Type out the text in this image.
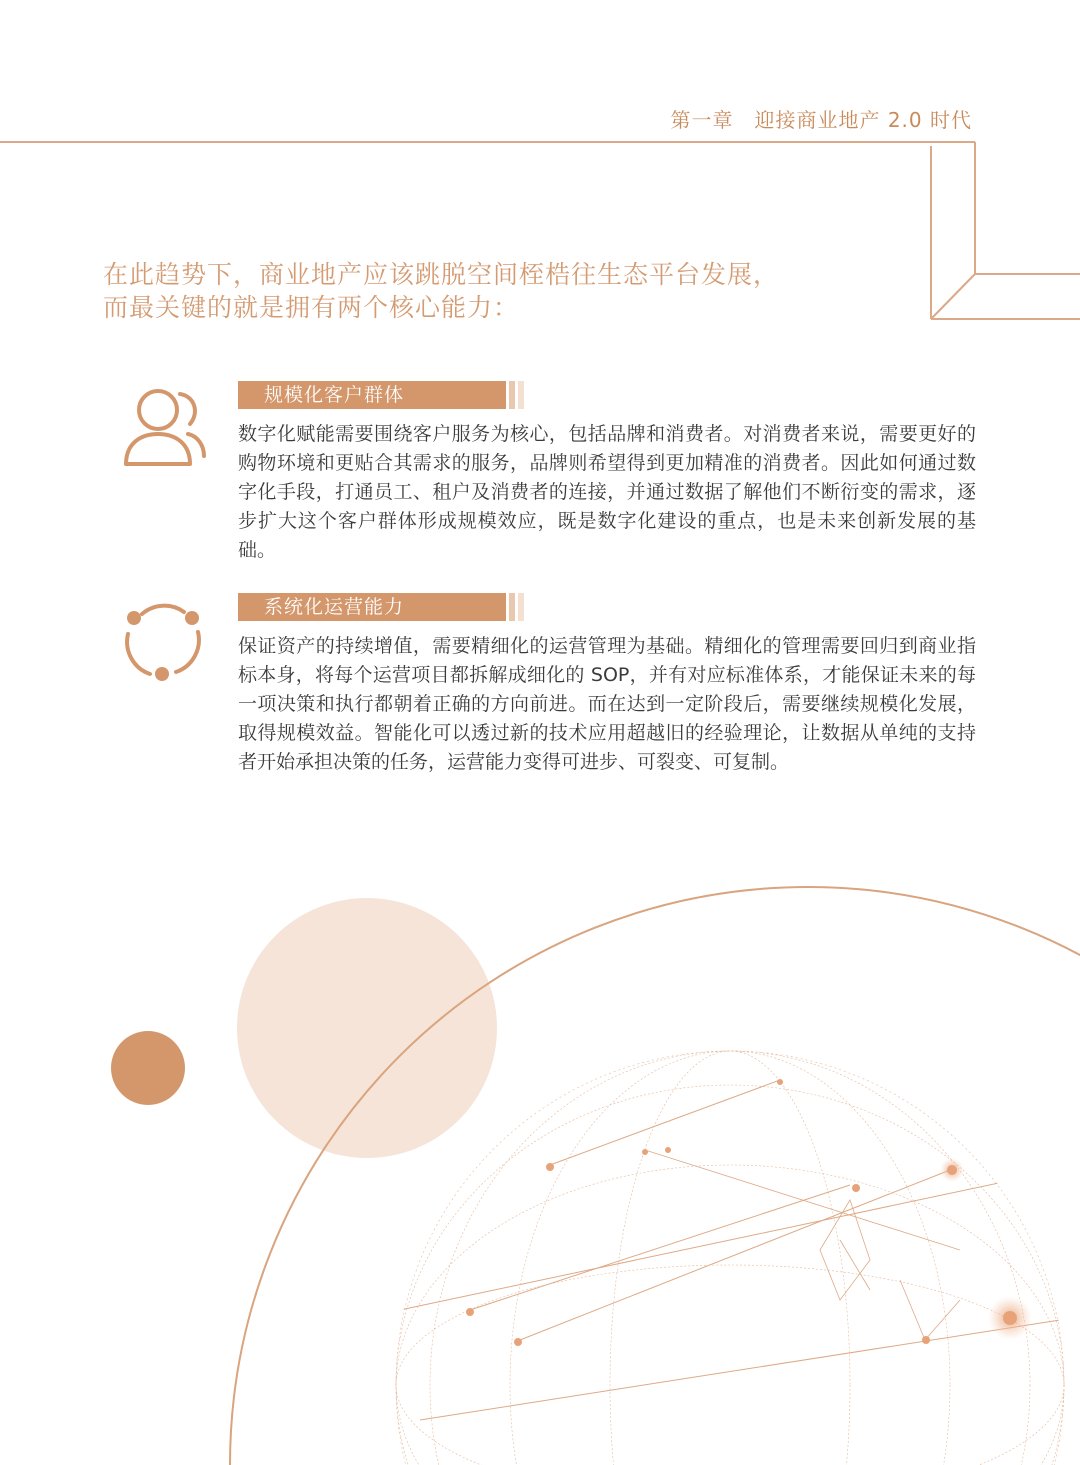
第一章　迎接商业地产 2.0 时代
在此趋势下，商业地产应该跳脱空间桎梏往生态平台发展，而最关键的就是拥有两个核心能力：
规模化客户群体

数字化赋能需要围绕客户服务为核心，包括品牌和消费者。对消费者来说，需要更好的购物环境和更贴合其需求的服务，品牌则希望得到更加精准的消费者。因此如何通过数字化手段，打通员工、租户及消费者的连接，并通过数据了解他们不断衍变的需求，逐步扩大这个客户群体形成规模效应，既是数字化建设的重点，也是未来创新发展的基础。

系统化运营能力

保证资产的持续增值，需要精细化的运营管理为基础。精细化的管理需要回归到商业指标本身，将每个运营项目都拆解成细化的 SOP，并有对应标准体系，才能保证未来的每一项决策和执行都朝着正确的方向前进。而在达到一定阶段后，需要继续规模化发展，取得规模效益。智能化可以透过新的技术应用超越旧的经验理论，让数据从单纯的支持者开始承担决策的任务，运营能力变得可进步、可裂变、可复制。
